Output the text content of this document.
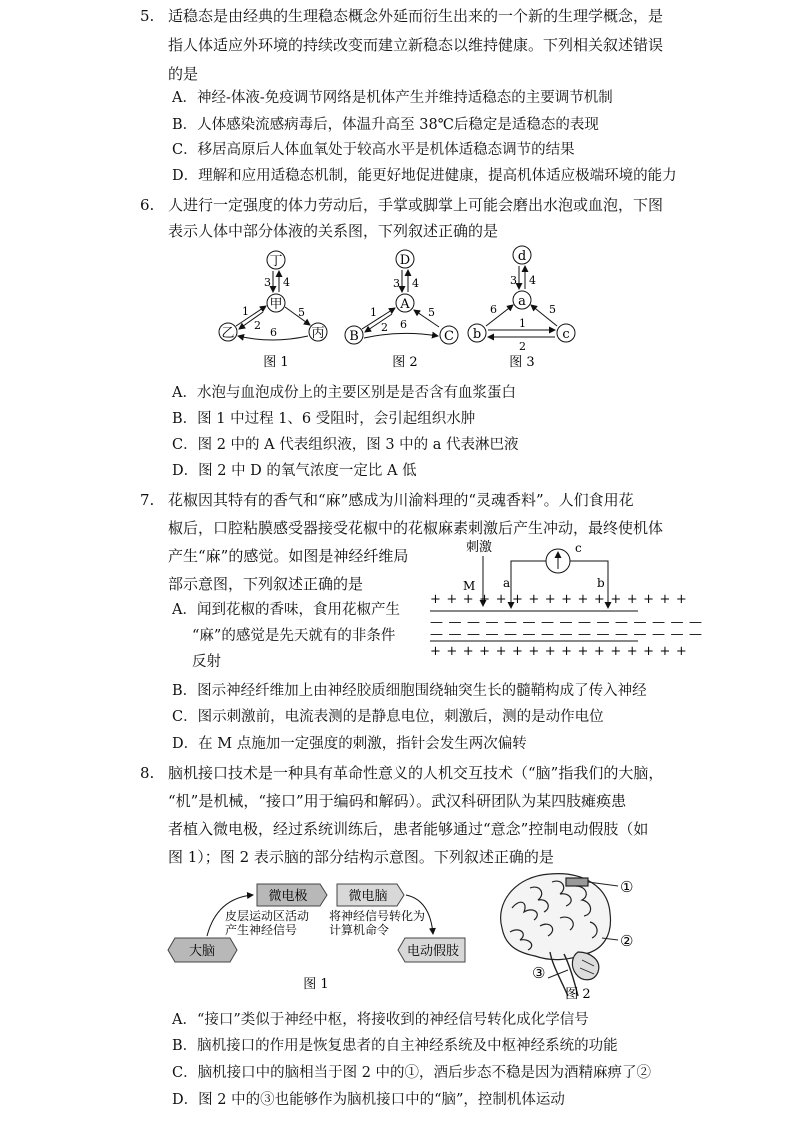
5. 适稳态是由经典的生理稳态概念外延而衍生出来的一个新的生理学概念，是
指人体适应外环境的持续改变而建立新稳态以维持健康。下列相关叙述错误
的是
A．神经-体液-免疫调节网络是机体产生并维持适稳态的主要调节机制
B．人体感染流感病毒后，体温升高至 38℃后稳定是适稳态的表现
C．移居高原后人体血氧处于较高水平是机体适稳态调节的结果
D．理解和应用适稳态机制，能更好地促进健康，提高机体适应极端环境的能力
6. 人进行一定强度的体力劳动后，手掌或脚掌上可能会磨出水泡或血泡，下图
表示人体中部分体液的关系图，下列叙述正确的是
丁
甲
乙	丙
3 4
1
2
5
6
图 1
D
A
B	C
3 4
1
2
5
6
图 2
d
a
b	c
3 4
6	5
1
2
图 3
A．水泡与血泡成份上的主要区别是是否含有血浆蛋白
B．图 1 中过程 1、6 受阻时，会引起组织水肿
C．图 2 中的 A 代表组织液，图 3 中的 a 代表淋巴液
D．图 2 中 D 的氧气浓度一定比 A 低
7. 花椒因其特有的香气和“麻”感成为川渝料理的“灵魂香料”。人们食用花
椒后，口腔粘膜感受器接受花椒中的花椒麻素刺激后产生冲动，最终使机体
产生“麻”的感觉。如图是神经纤维局
部示意图，下列叙述正确的是
A．闻到花椒的香味，食用花椒产生
“麻”的感觉是先天就有的非条件
反射
刺激
M
c
a	b
++++++++++++++++
———————————————
———————————————
++++++++++++++++
B．图示神经纤维加上由神经胶质细胞围绕轴突生长的髓鞘构成了传入神经
C．图示刺激前，电流表测的是静息电位，刺激后，测的是动作电位
D．在 M 点施加一定强度的刺激，指针会发生两次偏转
8. 脑机接口技术是一种具有革命性意义的人机交互技术（“脑”指我们的大脑，
“机”是机械，“接口”用于编码和解码）。武汉科研团队为某四肢瘫痪患
者植入微电极，经过系统训练后，患者能够通过“意念”控制电动假肢（如
图 1）；图 2 表示脑的部分结构示意图。下列叙述正确的是
微电极	微电脑
大脑	电动假肢
皮层运动区活动
产生神经信号
将神经信号转化为
计算机命令
图 1
①
②
③
图 2
A．“接口”类似于神经中枢，将接收到的神经信号转化成化学信号
B．脑机接口的作用是恢复患者的自主神经系统及中枢神经系统的功能
C．脑机接口中的脑相当于图 2 中的①，酒后步态不稳是因为酒精麻痹了②
D．图 2 中的③也能够作为脑机接口中的“脑”，控制机体运动
